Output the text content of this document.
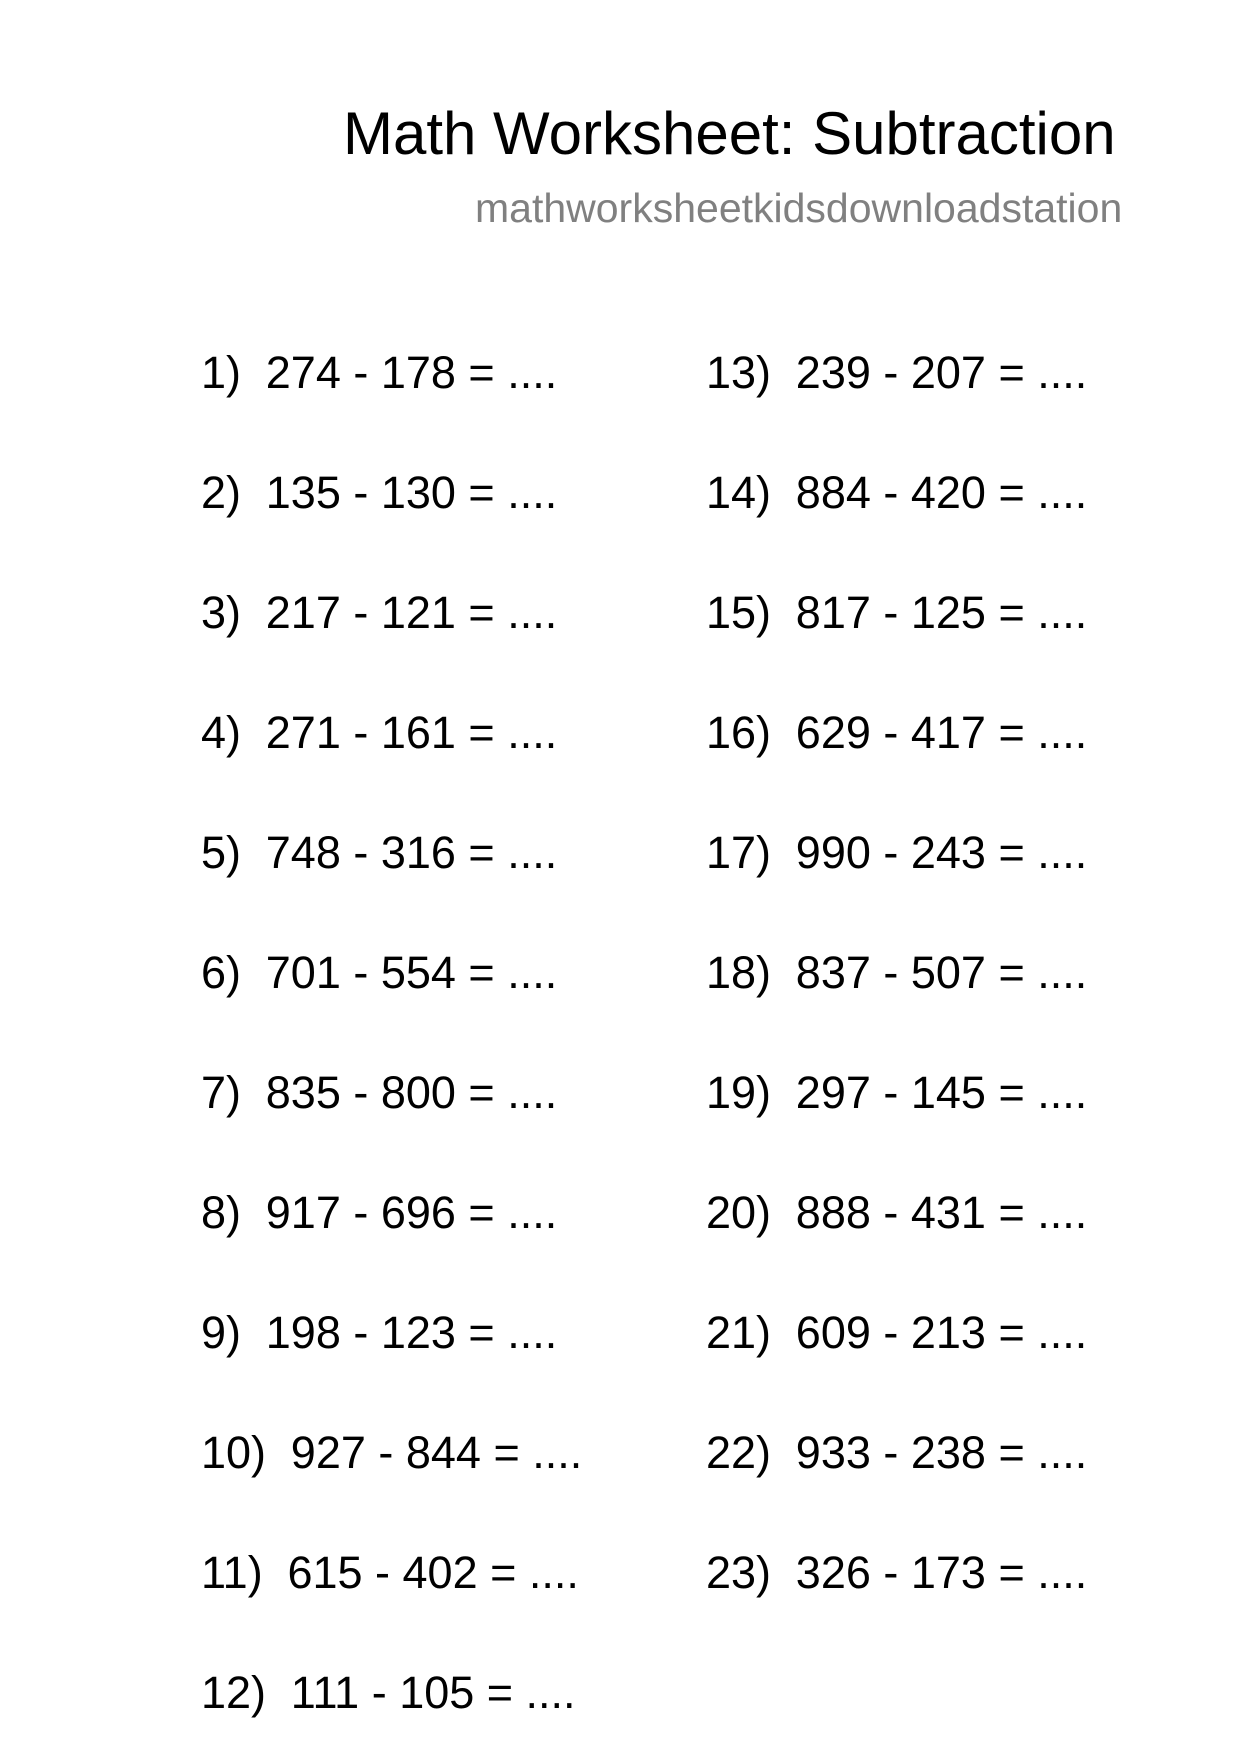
Math Worksheet: Subtraction
mathworksheetkidsdownloadstation
1) 274 - 178 = ....
2) 135 - 130 = ....
3) 217 - 121 = ....
4) 271 - 161 = ....
5) 748 - 316 = ....
6) 701 - 554 = ....
7) 835 - 800 = ....
8) 917 - 696 = ....
9) 198 - 123 = ....
10) 927 - 844 = ....
11) 615 - 402 = ....
12) 111 - 105 = ....
13) 239 - 207 = ....
14) 884 - 420 = ....
15) 817 - 125 = ....
16) 629 - 417 = ....
17) 990 - 243 = ....
18) 837 - 507 = ....
19) 297 - 145 = ....
20) 888 - 431 = ....
21) 609 - 213 = ....
22) 933 - 238 = ....
23) 326 - 173 = ....
